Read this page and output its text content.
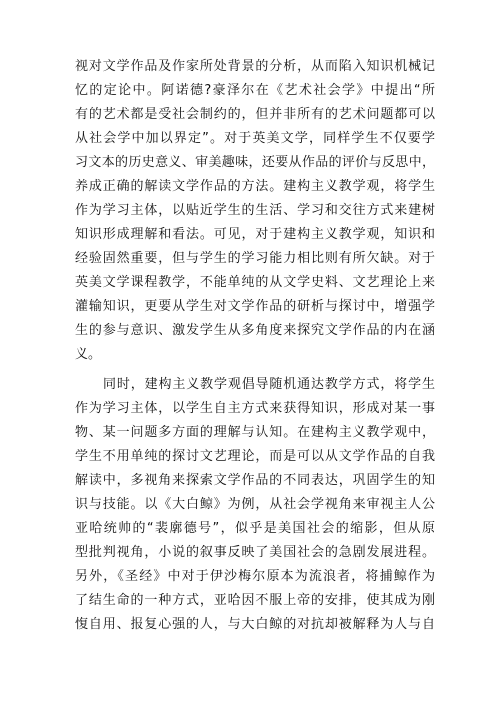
视对文学作品及作家所处背景的分析，从而陷入知识机械记
忆的定论中。阿诺德?豪泽尔在《艺术社会学》中提出“所
有的艺术都是受社会制约的，但并非所有的艺术问题都可以
从社会学中加以界定”。对于英美文学，同样学生不仅要学
习文本的历史意义、审美趣味，还要从作品的评价与反思中，
养成正确的解读文学作品的方法。建构主义教学观，将学生
作为学习主体，以贴近学生的生活、学习和交往方式来建树
知识形成理解和看法。可见，对于建构主义教学观，知识和
经验固然重要，但与学生的学习能力相比则有所欠缺。对于
英美文学课程教学，不能单纯的从文学史料、文艺理论上来
灌输知识，更要从学生对文学作品的研析与探讨中，增强学
生的参与意识、激发学生从多角度来探究文学作品的内在涵
义。
同时，建构主义教学观倡导随机通达教学方式，将学生
作为学习主体，以学生自主方式来获得知识，形成对某一事
物、某一问题多方面的理解与认知。在建构主义教学观中，
学生不用单纯的探讨文艺理论，而是可以从文学作品的自我
解读中，多视角来探索文学作品的不同表达，巩固学生的知
识与技能。以《大白鲸》为例，从社会学视角来审视主人公
亚哈统帅的“裴廓德号”，似乎是美国社会的缩影，但从原
型批判视角，小说的叙事反映了美国社会的急剧发展进程。
另外，《圣经》中对于伊沙梅尔原本为流浪者，将捕鲸作为
了结生命的一种方式，亚哈因不服上帝的安排，使其成为刚
愎自用、报复心强的人，与大白鲸的对抗却被解释为人与自
